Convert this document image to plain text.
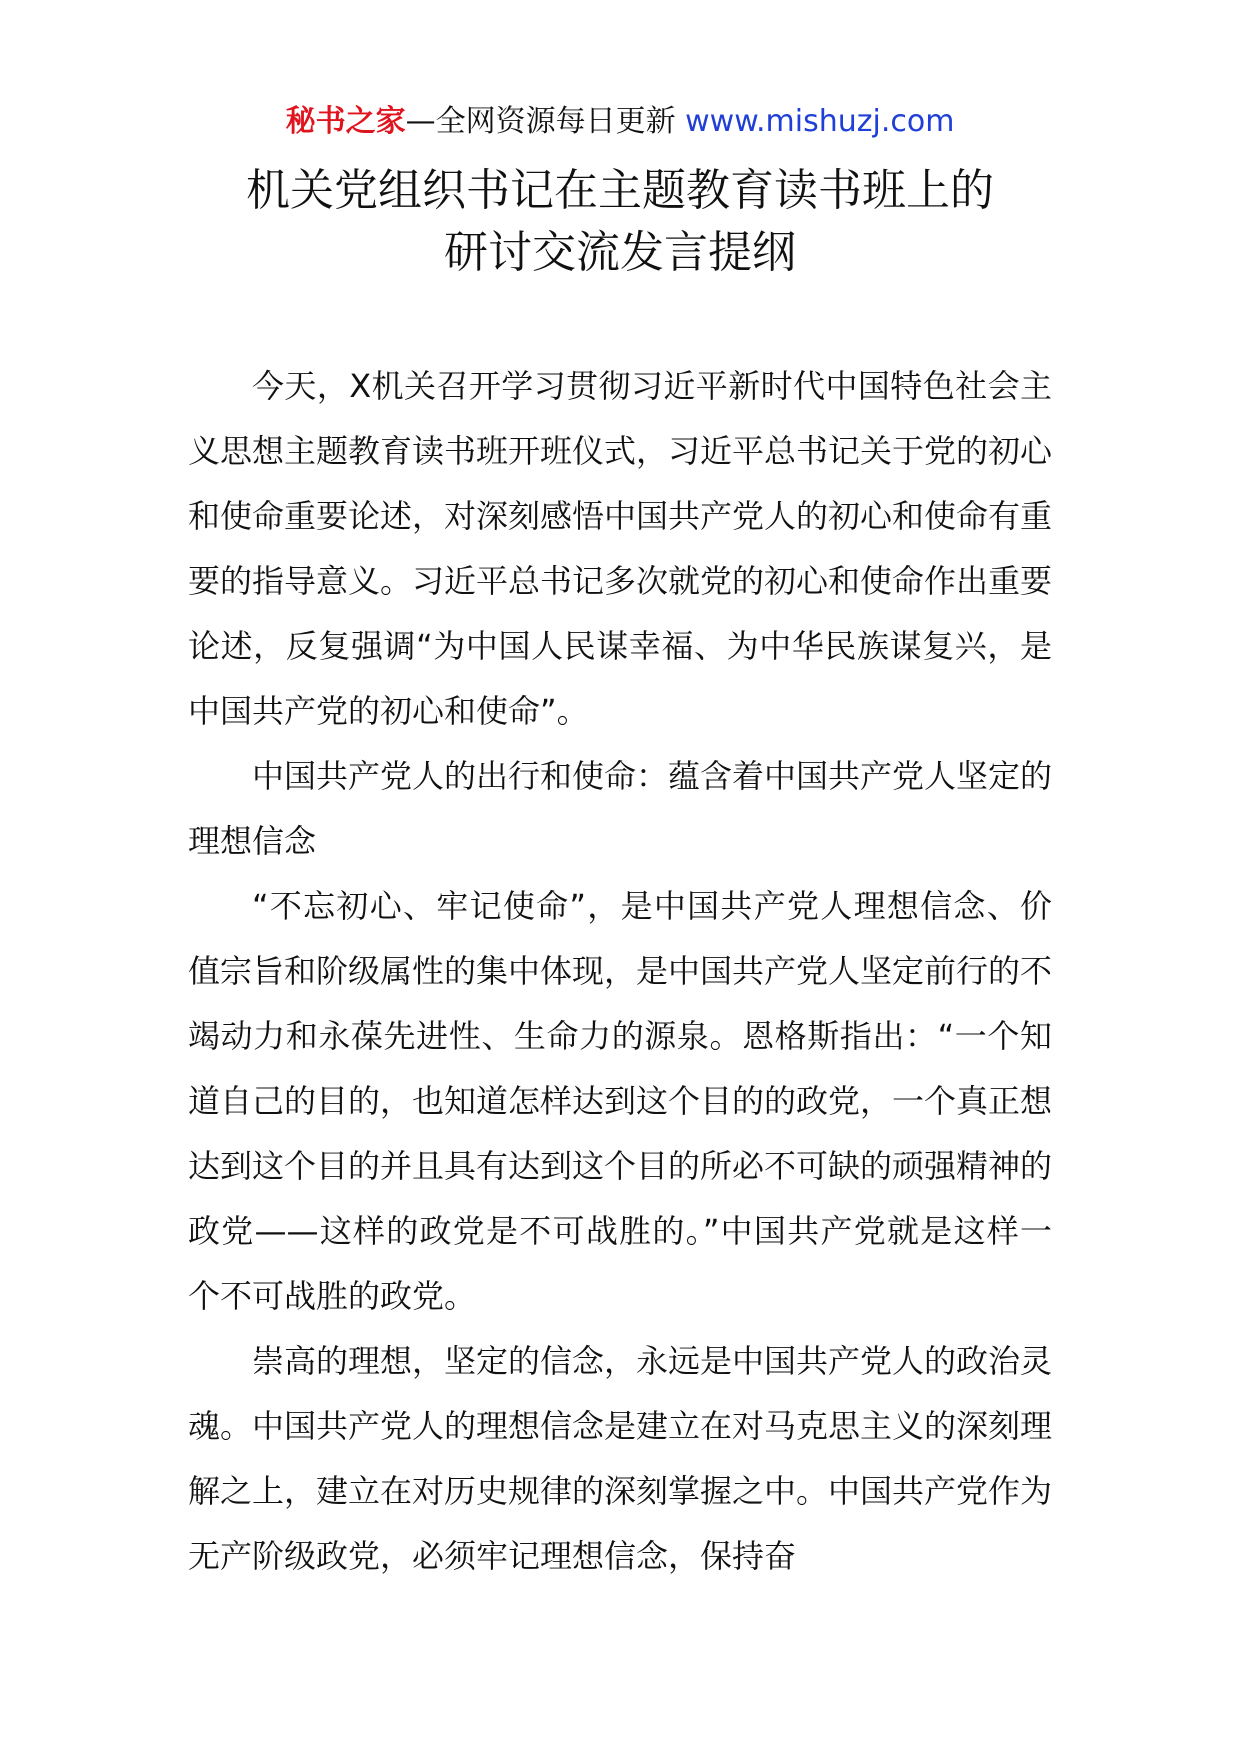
秘书之家—全网资源每日更新 www.mishuzj.com
机关党组织书记在主题教育读书班上的
研讨交流发言提纲

今天，X机关召开学习贯彻习近平新时代中国特色社会主义思想主题教育读书班开班仪式，习近平总书记关于党的初心和使命重要论述，对深刻感悟中国共产党人的初心和使命有重要的指导意义。习近平总书记多次就党的初心和使命作出重要论述，反复强调“为中国人民谋幸福、为中华民族谋复兴，是中国共产党的初心和使命”。

中国共产党人的出行和使命：蕴含着中国共产党人坚定的理想信念

“不忘初心、牢记使命”，是中国共产党人理想信念、价值宗旨和阶级属性的集中体现，是中国共产党人坚定前行的不竭动力和永葆先进性、生命力的源泉。恩格斯指出：“一个知道自己的目的，也知道怎样达到这个目的的政党，一个真正想达到这个目的并且具有达到这个目的所必不可缺的顽强精神的政党——这样的政党是不可战胜的。”中国共产党就是这样一个不可战胜的政党。

崇高的理想，坚定的信念，永远是中国共产党人的政治灵魂。中国共产党人的理想信念是建立在对马克思主义的深刻理解之上，建立在对历史规律的深刻掌握之中。中国共产党作为无产阶级政党，必须牢记理想信念，保持奋
